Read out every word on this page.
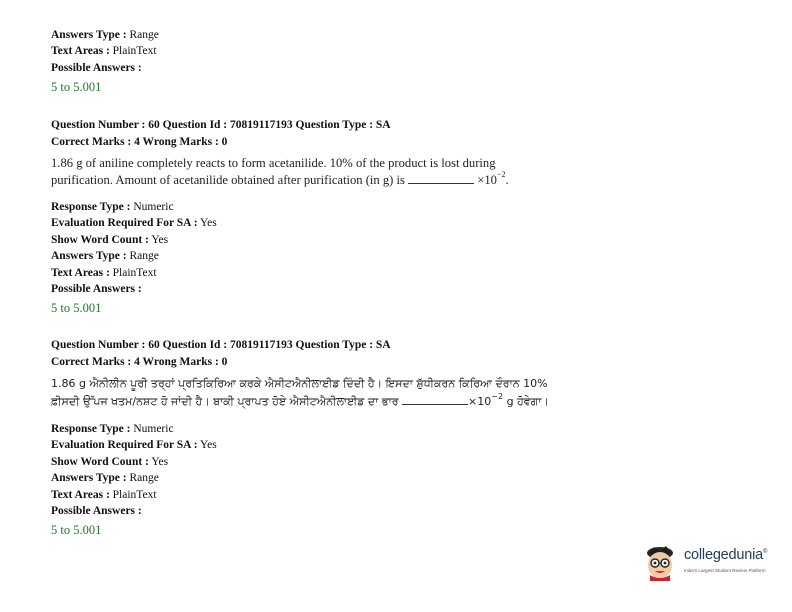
Answers Type : Range
Text Areas : PlainText
Possible Answers :
5 to 5.001
Question Number : 60 Question Id : 70819117193 Question Type : SA
Correct Marks : 4 Wrong Marks : 0
1.86 g of aniline completely reacts to form acetanilide. 10% of the product is lost during
purification. Amount of acetanilide obtained after purification (in g) is	$\times 10^{-2}$.
Response Type : Numeric
Evaluation Required For SA : Yes
Show Word Count : Yes
Answers Type : Range
Text Areas : PlainText
Possible Answers :
5 to 5.001
Question Number : 60 Question Id : 70819117193 Question Type : SA
Correct Marks : 4 Wrong Marks : 0
1.86 g ਐਨੀਲੀਨ ਪੂਰੀ ਤਰ੍ਹਾਂ ਪ੍ਰਤਿਕਿਰਿਆ ਕਰਕੇ ਐਸੀਟਐਨੀਲਾਈਡ ਦਿੰਦੀ ਹੈ। ਇਸਦਾ ਸ਼ੁੱਧੀਕਰਨ ਕਿਰਿਆ ਦੌਰਾਨ 10%
ਫ਼ੀਸਦੀ ਉੱਪਜ ਖਤਮ/ਨਸ਼ਟ ਹੋ ਜਾਂਦੀ ਹੈ। ਬਾਕੀ ਪ੍ਰਾਪਤ ਹੋਏ ਐਸੀਟਐਨੀਲਾਈਡ ਦਾ ਭਾਰ	$\times 10^{-2}$ g ਹੋਵੇਗਾ।
Response Type : Numeric
Evaluation Required For SA : Yes
Show Word Count : Yes
Answers Type : Range
Text Areas : PlainText
Possible Answers :
5 to 5.001
collegedunia®
India's Largest Student Review Platform
